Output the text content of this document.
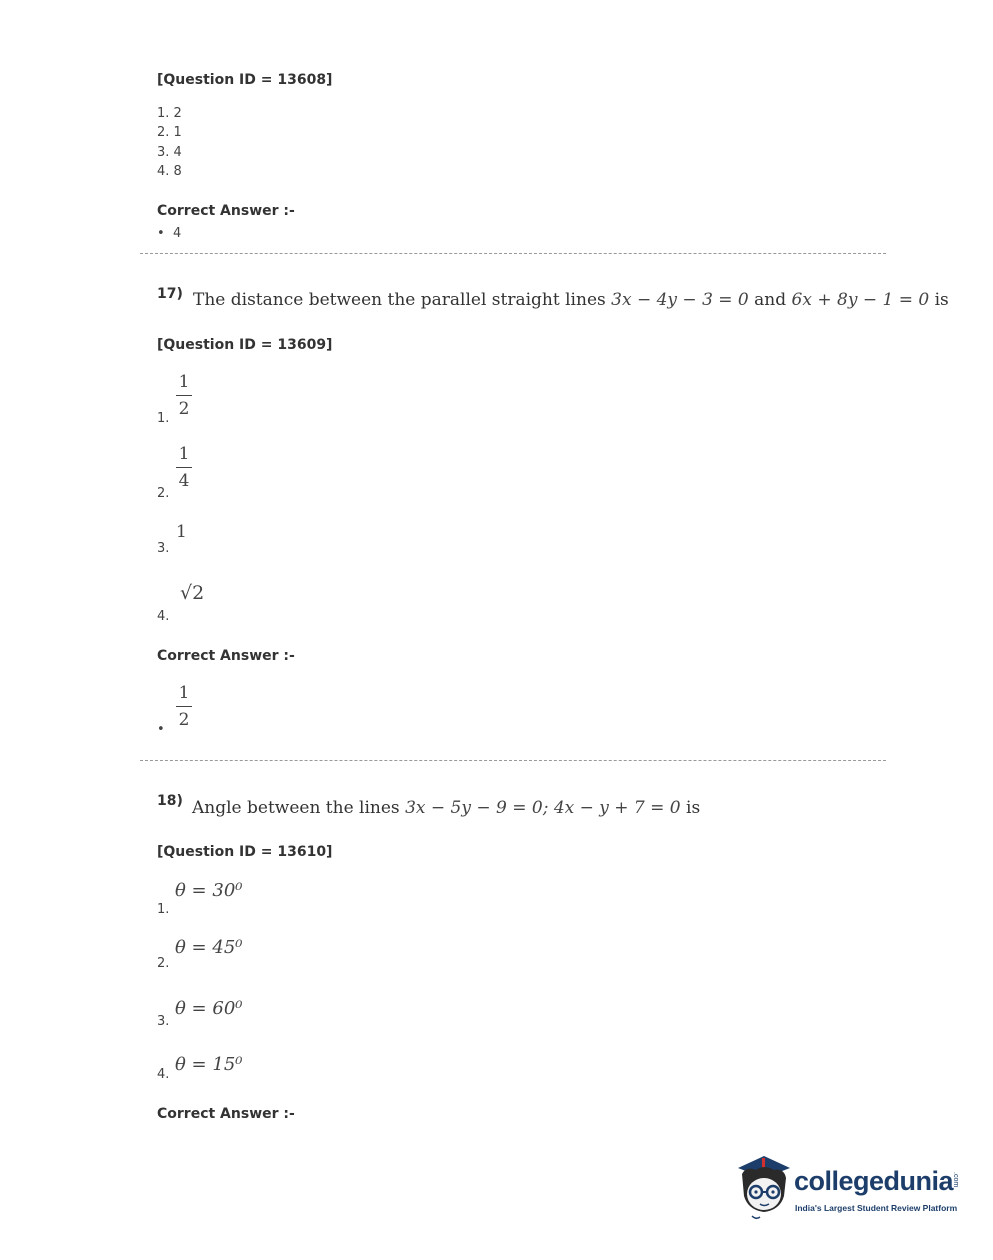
[Question ID = 13608]
1. 2
2. 1
3. 4
4. 8
Correct Answer :-
• 4
17) The distance between the parallel straight lines 3x − 4y − 3 = 0 and 6x + 8y − 1 = 0 is
[Question ID = 13609]
1.
1
2
2.
1
4
3.
1
4.
√2
Correct Answer :-
•
1
2
18) Angle between the lines 3x − 5y − 9 = 0; 4x − y + 7 = 0 is
[Question ID = 13610]
1.
θ = 30⁰
2.
θ = 45⁰
3.
θ = 60⁰
4. θ = 15⁰
Correct Answer :-
collegedunia
.com
India's Largest Student Review Platform
